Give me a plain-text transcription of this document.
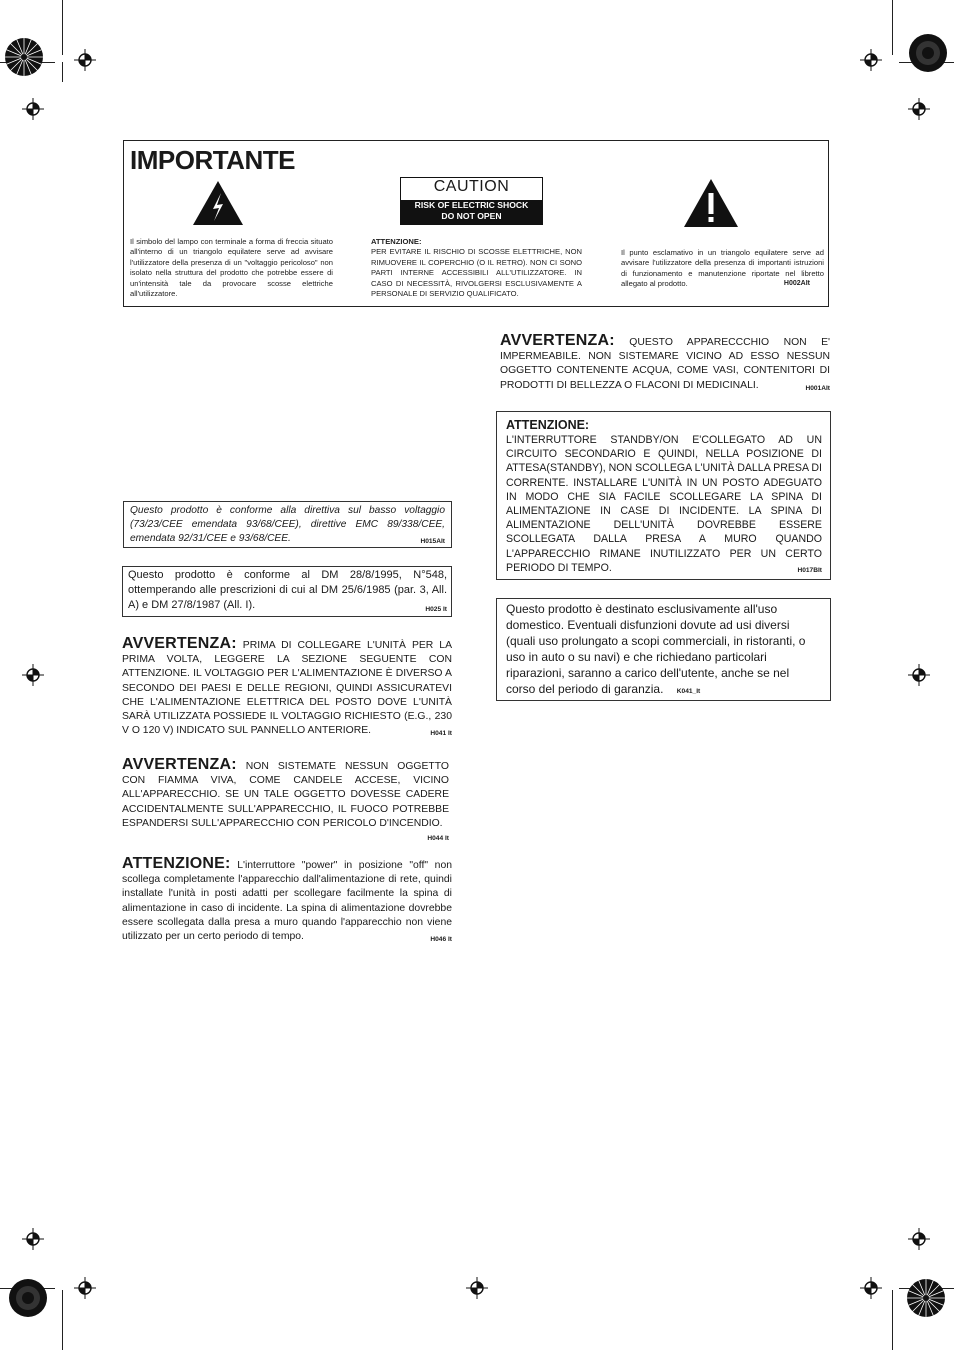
IMPORTANTE
CAUTION
RISK OF ELECTRIC SHOCK
DO NOT OPEN
Il simbolo del lampo con terminale a forma di freccia situato all'interno di un triangolo equilatere serve ad avvisare l'utilizzatore della presenza di un "voltaggio pericoloso" non isolato nella struttura del prodotto che potrebbe essere di un'intensità tale da provocare scosse elettriche all'utilizzatore.
ATTENZIONE:
PER EVITARE IL RISCHIO DI SCOSSE ELETTRICHE, NON RIMUOVERE IL COPERCHIO (O IL RETRO). NON CI SONO PARTI INTERNE ACCESSIBILI ALL'UTILIZZATORE. IN CASO DI NECESSITÀ, RIVOLGERSI ESCLUSIVAMENTE A PERSONALE DI SERVIZIO QUALIFICATO.
Il punto esclamativo in un triangolo equilatere serve ad avvisare l'utilizzatore della presenza di importanti istruzioni di funzionamento e manutenzione riportate nel libretto allegato al prodotto.	H002AIt
Questo prodotto è conforme alla direttiva sul basso voltaggio (73/23/CEE emendata 93/68/CEE), direttive EMC 89/338/CEE, emendata 92/31/CEE e 93/68/CEE.	H015AIt
Questo prodotto è conforme al DM 28/8/1995, N°548, ottemperando alle prescrizioni di cui al DM 25/6/1985 (par. 3, All. A) e DM 27/8/1987 (All. I).	H025 It
AVVERTENZA: PRIMA DI COLLEGARE L'UNITÀ PER LA PRIMA VOLTA, LEGGERE LA SEZIONE SEGUENTE CON ATTENZIONE. IL VOLTAGGIO PER L'ALIMENTAZIONE È DIVERSO A SECONDO DEI PAESI E DELLE REGIONI, QUINDI ASSICURATEVI CHE L'ALIMENTAZIONE ELETTRICA DEL POSTO DOVE L'UNITÀ SARÀ UTILIZZATA POSSIEDE IL VOLTAGGIO RICHIESTO (E.G., 230 V O 120 V) INDICATO SUL PANNELLO ANTERIORE.	H041 It
AVVERTENZA: NON SISTEMATE NESSUN OGGETTO CON FIAMMA VIVA, COME CANDELE ACCESE, VICINO ALL'APPARECCHIO. SE UN TALE OGGETTO DOVESSE CADERE ACCIDENTALMENTE SULL'APPARECCHIO, IL FUOCO POTREBBE ESPANDERSI SULL'APPARECCHIO CON PERICOLO D'INCENDIO.
H044 It
ATTENZIONE: L'interruttore "power" in posizione "off" non scollega completamente l'apparecchio dall'alimentazione di rete, quindi installate l'unità in posti adatti per scollegare facilmente la spina di alimentazione in caso di incidente. La spina di alimentazione dovrebbe essere scollegata dalla presa a muro quando l'apparecchio non viene utilizzato per un certo periodo di tempo.	H046 It
AVVERTENZA: QUESTO APPARECCCHIO NON E' IMPERMEABILE. NON SISTEMARE VICINO AD ESSO NESSUN OGGETTO CONTENENTE ACQUA, COME VASI, CONTENITORI DI PRODOTTI DI BELLEZZA O FLACONI DI MEDICINALI.	H001AIt
ATTENZIONE:
L'INTERRUTTORE STANDBY/ON E'COLLEGATO AD UN CIRCUITO SECONDARIO E QUINDI, NELLA POSIZIONE DI ATTESA(STANDBY), NON SCOLLEGA L'UNITÀ DALLA PRESA DI CORRENTE. INSTALLARE L'UNITÀ IN UN POSTO ADEGUATO IN MODO CHE SIA FACILE SCOLLEGARE LA SPINA DI ALIMENTAZIONE IN CASE DI INCIDENTE. LA SPINA DI ALIMENTAZIONE DELL'UNITÀ DOVREBBE ESSERE SCOLLEGATA DALLA PRESA A MURO QUANDO L'APPARECCHIO RIMANE INUTILIZZATO PER UN CERTO PERIODO DI TEMPO.	H017BIt
Questo prodotto è destinato esclusivamente all'uso domestico. Eventuali disfunzioni dovute ad usi diversi (quali uso prolungato a scopi commerciali, in ristoranti, o uso in auto o su navi) e che richiedano particolari riparazioni, saranno a carico dell'utente, anche se nel corso del periodo di garanzia. K041_It
